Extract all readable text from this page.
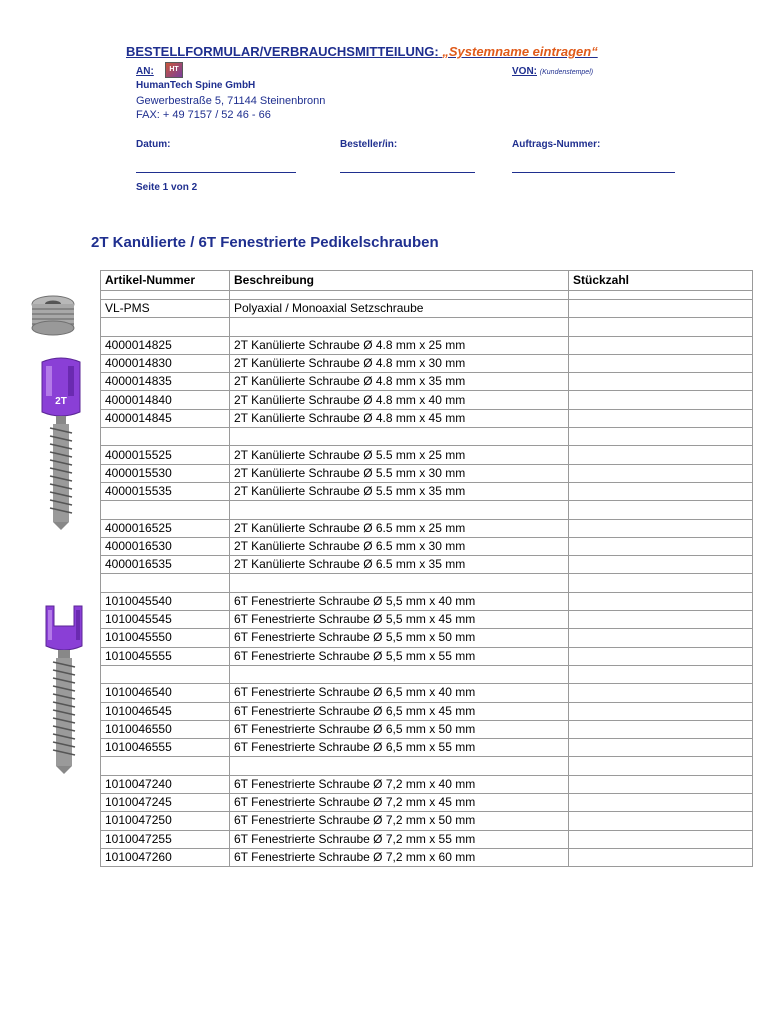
BESTELLFORMULAR/VERBRAUCHSMITTEILUNG: „Systemname eintragen“
AN:	HT	VON: (Kundenstempel)
HumanTech Spine GmbH
Gewerbestraße 5, 71144 Steinenbronn
FAX: + 49 7157 / 52 46 - 66
Datum:	Besteller/in:	Auftrags-Nummer:
Seite 1 von 2
2T Kanülierte / 6T Fenestrierte Pedikelschrauben
2T
Artikel-Nummer	Beschreibung	Stückzahl

VL-PMS	Polyaxial / Monoaxial Setzschraube	

4000014825	2T Kanülierte Schraube Ø 4.8 mm x 25 mm	
4000014830	2T Kanülierte Schraube Ø 4.8 mm x 30 mm	
4000014835	2T Kanülierte Schraube Ø 4.8 mm x 35 mm	
4000014840	2T Kanülierte Schraube Ø 4.8 mm x 40 mm	
4000014845	2T Kanülierte Schraube Ø 4.8 mm x 45 mm	

4000015525	2T Kanülierte Schraube Ø 5.5 mm x 25 mm	
4000015530	2T Kanülierte Schraube Ø 5.5 mm x 30 mm	
4000015535	2T Kanülierte Schraube Ø 5.5 mm x 35 mm	

4000016525	2T Kanülierte Schraube Ø 6.5 mm x 25 mm	
4000016530	2T Kanülierte Schraube Ø 6.5 mm x 30 mm	
4000016535	2T Kanülierte Schraube Ø 6.5 mm x 35 mm	

1010045540	6T Fenestrierte Schraube Ø 5,5 mm x 40 mm	
1010045545	6T Fenestrierte Schraube Ø 5,5 mm x 45 mm	
1010045550	6T Fenestrierte Schraube Ø 5,5 mm x 50 mm	
1010045555	6T Fenestrierte Schraube Ø 5,5 mm x 55 mm	

1010046540	6T Fenestrierte Schraube Ø 6,5 mm x 40 mm	
1010046545	6T Fenestrierte Schraube Ø 6,5 mm x 45 mm	
1010046550	6T Fenestrierte Schraube Ø 6,5 mm x 50 mm	
1010046555	6T Fenestrierte Schraube Ø 6,5 mm x 55 mm	

1010047240	6T Fenestrierte Schraube Ø 7,2 mm x 40 mm	
1010047245	6T Fenestrierte Schraube Ø 7,2 mm x 45 mm	
1010047250	6T Fenestrierte Schraube Ø 7,2 mm x 50 mm	
1010047255	6T Fenestrierte Schraube Ø 7,2 mm x 55 mm	
1010047260	6T Fenestrierte Schraube Ø 7,2 mm x 60 mm	
